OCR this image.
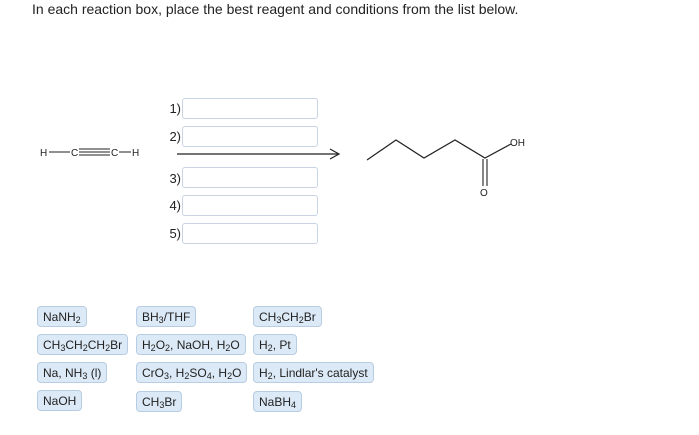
In each reaction box, place the best reagent and conditions from the list below.
H C	C H
OH
O
1)
2)
3)
4)
5)
NaNH$_2$	$BH_3$/THF	$CH_3CH_2Br$
$CH_3CH_2CH_2Br$	$H_2O_2$, NaOH, $H_2O$	$H_2$, Pt
Na, $NH_3$ (l)	CrO$_3$, $H_2SO_4$, $H_2O$	$H_2$, Lindlar's catalyst
NaOH	$CH_3Br$	NaBH$_4$
